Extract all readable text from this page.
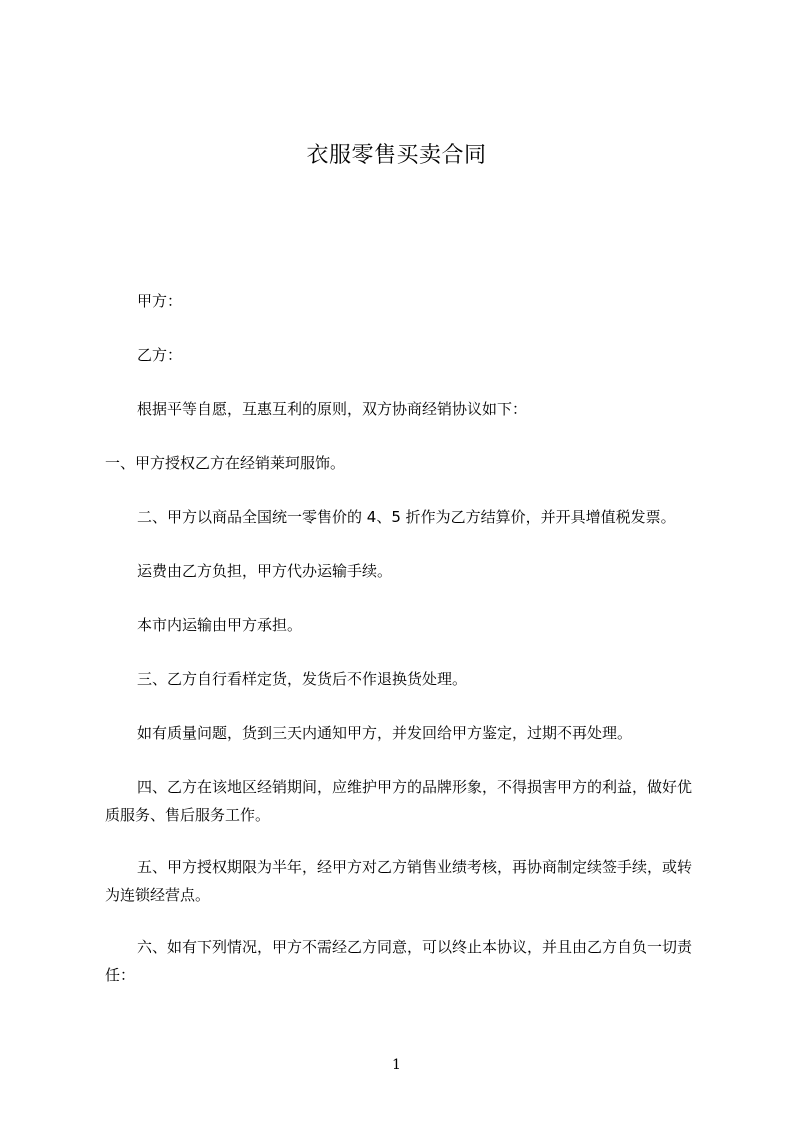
衣服零售买卖合同

甲方：

乙方：

根据平等自愿，互惠互利的原则，双方协商经销协议如下：

一、甲方授权乙方在经销莱珂服饰。

二、甲方以商品全国统一零售价的 4、5 折作为乙方结算价，并开具增值税发票。

运费由乙方负担，甲方代办运输手续。

本市内运输由甲方承担。

三、乙方自行看样定货，发货后不作退换货处理。

如有质量问题，货到三天内通知甲方，并发回给甲方鉴定，过期不再处理。

四、乙方在该地区经销期间，应维护甲方的品牌形象，不得损害甲方的利益，做好优质服务、售后服务工作。

五、甲方授权期限为半年，经甲方对乙方销售业绩考核，再协商制定续签手续，或转为连锁经营点。

六、如有下列情况，甲方不需经乙方同意，可以终止本协议，并且由乙方自负一切责任：

1
